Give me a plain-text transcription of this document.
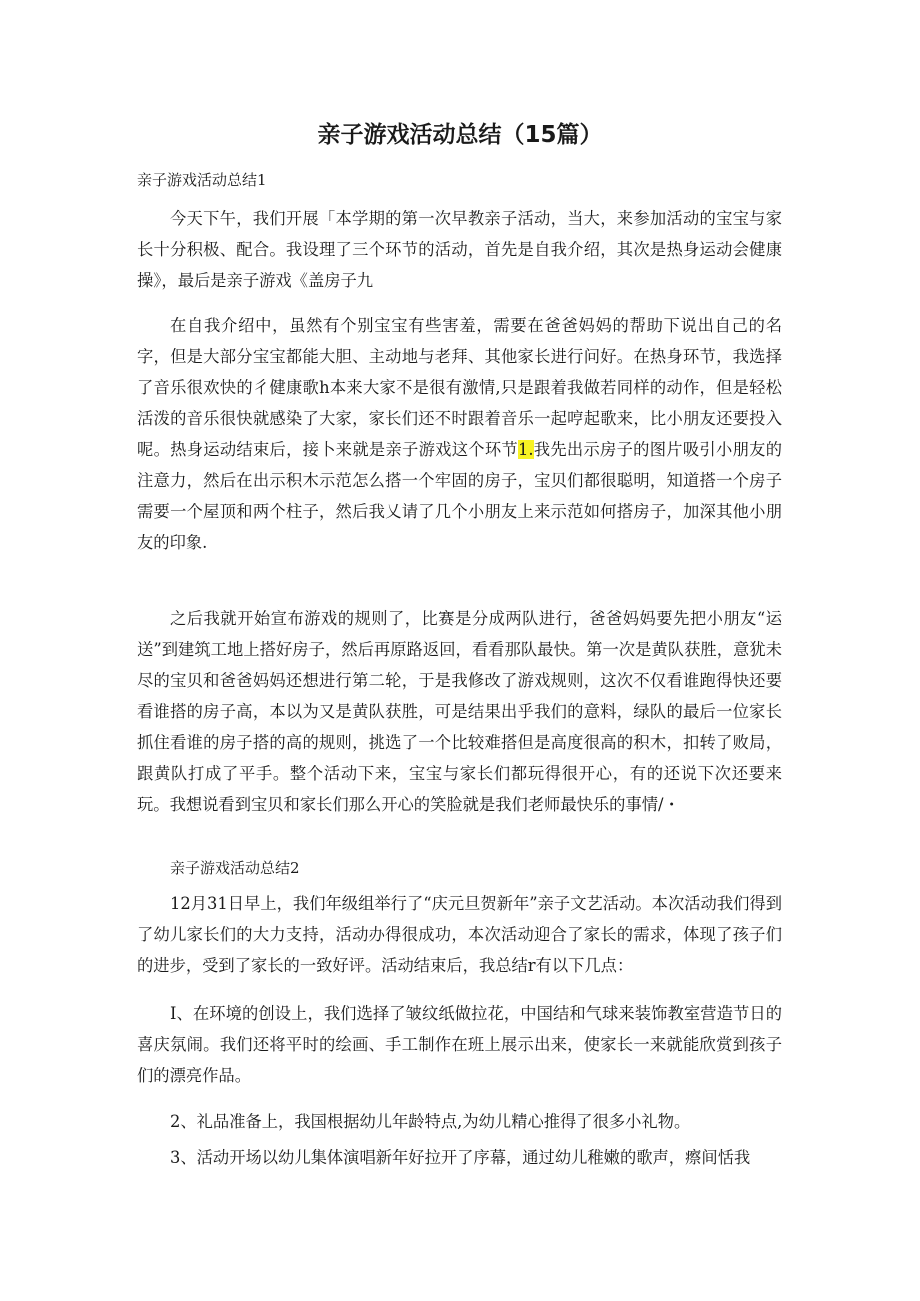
亲子游戏活动总结（15篇）
亲子游戏活动总结1

今天下午，我们开展「本学期的第一次早教亲子活动，当大，来参加活动的宝宝与家长十分积极、配合。我设理了三个环节的活动，首先是自我介绍，其次是热身运动会健康操》，最后是亲子游戏《盖房子九

在自我介绍中，虽然有个别宝宝有些害羞，需要在爸爸妈妈的帮助下说出自己的名字，但是大部分宝宝都能大胆、主动地与老拜、其他家长进行问好。在热身环节，我选择了音乐很欢快的彳健康歌h本来大家不是很有激情,只是跟着我做若同样的动作，但是轻松活泼的音乐很快就感染了大家，家长们还不时跟着音乐一起哼起歌来，比小朋友还要投入呢。热身运动结束后，接卜来就是亲子游戏这个环节1.我先出示房子的图片吸引小朋友的注意力，然后在出示积木示范怎么搭一个牢固的房子，宝贝们都很聪明，知道搭一个房子需要一个屋顶和两个柱子，然后我乂请了几个小朋友上来示范如何搭房子，加深其他小朋友的印象.

之后我就开始宣布游戏的规则了，比赛是分成两队进行，爸爸妈妈要先把小朋友“运送”到建筑工地上搭好房子，然后再原路返回，看看那队最快。第一次是黄队获胜，意犹未尽的宝贝和爸爸妈妈还想进行第二轮，于是我修改了游戏规则，这次不仅看谁跑得快还要看谁搭的房子高，本以为又是黄队获胜，可是结果出乎我们的意料，绿队的最后一位家长抓住看谁的房子搭的高的规则，挑选了一个比较难搭但是高度很高的积木，扣转了败局，跟黄队打成了平手。整个活动下来，宝宝与家长们都玩得很开心，有的还说下次还要来玩。我想说看到宝贝和家长们那么开心的笑脸就是我们老师最快乐的事情/・

亲子游戏活动总结2

12月31日早上，我们年级组举行了“庆元旦贺新年”亲子文艺活动。本次活动我们得到了幼儿家长们的大力支持，活动办得很成功，本次活动迎合了家长的需求，体现了孩子们的进步，受到了家长的一致好评。活动结束后，我总结r有以下几点：

I、在环境的创设上，我们选择了皱纹纸做拉花，中国结和气球来装饰教室营造节日的喜庆氛闹。我们还将平时的绘画、手工制作在班上展示出来，使家长一来就能欣赏到孩子们的漂亮作品。

2、礼品准备上，我国根据幼儿年龄特点,为幼儿精心推得了很多小礼物。

3、活动开场以幼儿集体演唱新年好拉开了序幕，通过幼儿稚嫩的歌声，瘵间恬我
